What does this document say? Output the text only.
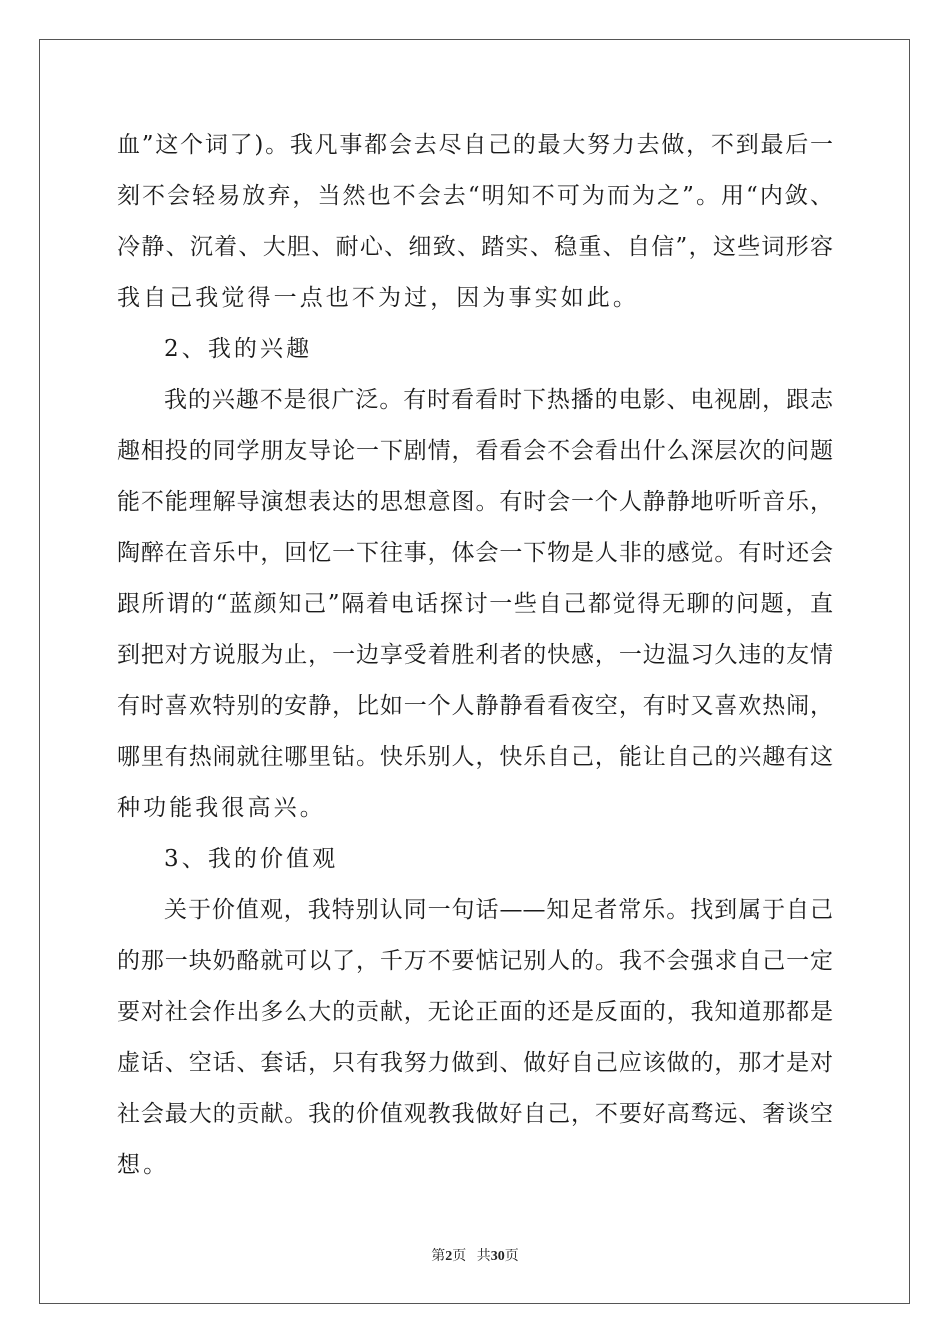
血”这个词了)。我凡事都会去尽自己的最大努力去做，不到最后一
刻不会轻易放弃，当然也不会去“明知不可为而为之”。用“内敛、
冷静、沉着、大胆、耐心、细致、踏实、稳重、自信”，这些词形容
我自己我觉得一点也不为过，因为事实如此。
2、我的兴趣
我的兴趣不是很广泛。有时看看时下热播的电影、电视剧，跟志
趣相投的同学朋友导论一下剧情，看看会不会看出什么深层次的问题
能不能理解导演想表达的思想意图。有时会一个人静静地听听音乐，
陶醉在音乐中，回忆一下往事，体会一下物是人非的感觉。有时还会
跟所谓的“蓝颜知己”隔着电话探讨一些自己都觉得无聊的问题，直
到把对方说服为止，一边享受着胜利者的快感，一边温习久违的友情
有时喜欢特别的安静，比如一个人静静看看夜空，有时又喜欢热闹，
哪里有热闹就往哪里钻。快乐别人，快乐自己，能让自己的兴趣有这
种功能我很高兴。
3、我的价值观
关于价值观，我特别认同一句话——知足者常乐。找到属于自己
的那一块奶酪就可以了，千万不要惦记别人的。我不会强求自己一定
要对社会作出多么大的贡献，无论正面的还是反面的，我知道那都是
虚话、空话、套话，只有我努力做到、做好自己应该做的，那才是对
社会最大的贡献。我的价值观教我做好自己，不要好高骛远、奢谈空
想。
第2页 共30页
